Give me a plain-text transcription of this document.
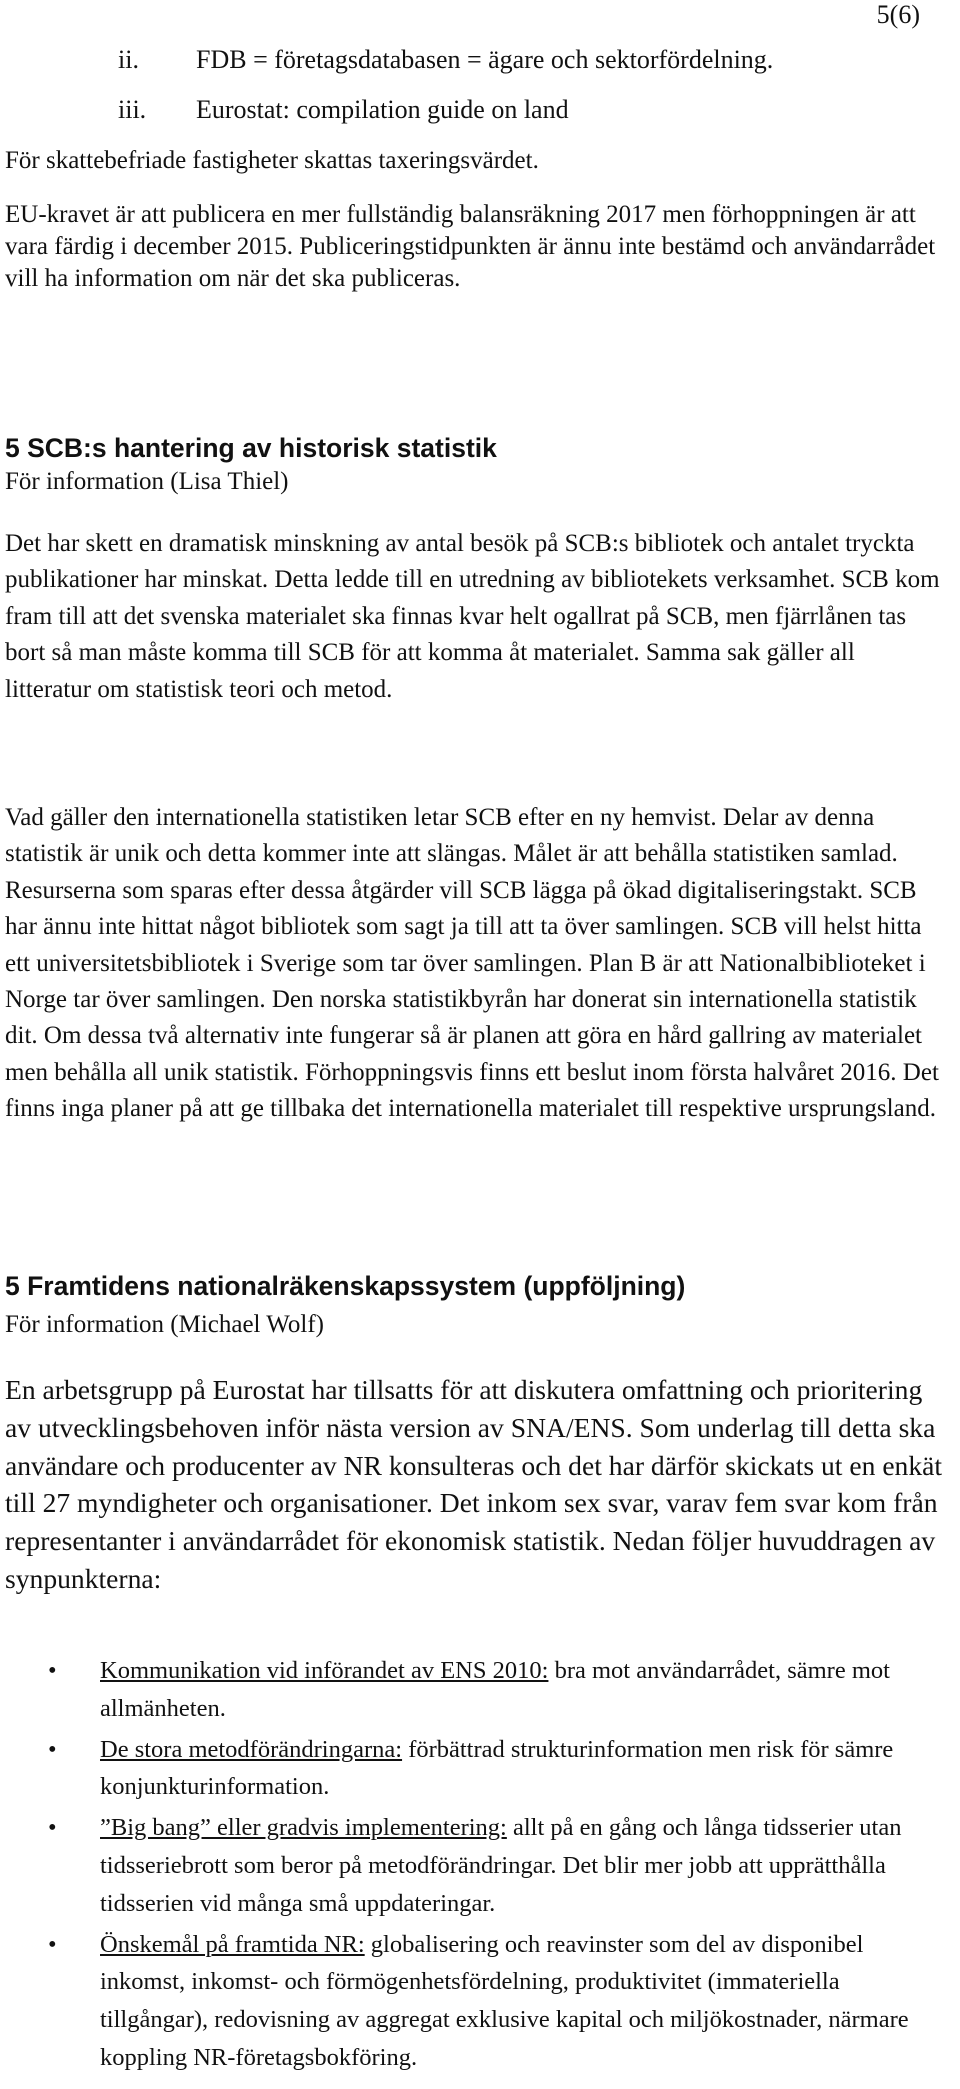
5(6)
ii. FDB = företagsdatabasen = ägare och sektorfördelning.
iii. Eurostat: compilation guide on land

För skattebefriade fastigheter skattas taxeringsvärdet.

EU-kravet är att publicera en mer fullständig balansräkning 2017 men förhoppningen är att vara färdig i december 2015. Publiceringstidpunkten är ännu inte bestämd och användarrådet vill ha information om när det ska publiceras.

5 SCB:s hantering av historisk statistik
För information (Lisa Thiel)

Det har skett en dramatisk minskning av antal besök på SCB:s bibliotek och antalet tryckta publikationer har minskat. Detta ledde till en utredning av bibliotekets verksamhet. SCB kom fram till att det svenska materialet ska finnas kvar helt ogallrat på SCB, men fjärrlånen tas bort så man måste komma till SCB för att komma åt materialet. Samma sak gäller all litteratur om statistisk teori och metod.

Vad gäller den internationella statistiken letar SCB efter en ny hemvist. Delar av denna statistik är unik och detta kommer inte att slängas. Målet är att behålla statistiken samlad. Resurserna som sparas efter dessa åtgärder vill SCB lägga på ökad digitaliseringstakt. SCB har ännu inte hittat något bibliotek som sagt ja till att ta över samlingen. SCB vill helst hitta ett universitetsbibliotek i Sverige som tar över samlingen. Plan B är att Nationalbiblioteket i Norge tar över samlingen. Den norska statistikbyrån har donerat sin internationella statistik dit. Om dessa två alternativ inte fungerar så är planen att göra en hård gallring av materialet men behålla all unik statistik. Förhoppningsvis finns ett beslut inom första halvåret 2016. Det finns inga planer på att ge tillbaka det internationella materialet till respektive ursprungsland.

5 Framtidens nationalräkenskapssystem (uppföljning)
För information (Michael Wolf)

En arbetsgrupp på Eurostat har tillsatts för att diskutera omfattning och prioritering av utvecklingsbehoven inför nästa version av SNA/ENS. Som underlag till detta ska användare och producenter av NR konsulteras och det har därför skickats ut en enkät till 27 myndigheter och organisationer. Det inkom sex svar, varav fem svar kom från representanter i användarrådet för ekonomisk statistik. Nedan följer huvuddragen av synpunkterna:

• Kommunikation vid införandet av ENS 2010: bra mot användarrådet, sämre mot allmänheten.
• De stora metodförändringarna: förbättrad strukturinformation men risk för sämre konjunkturinformation.
• ”Big bang” eller gradvis implementering: allt på en gång och långa tidsserier utan tidsseriebrott som beror på metodförändringar. Det blir mer jobb att upprätthålla tidsserien vid många små uppdateringar.
• Önskemål på framtida NR: globalisering och reavinster som del av disponibel inkomst, inkomst- och förmögenhetsfördelning, produktivitet (immateriella tillgångar), redovisning av aggregat exklusive kapital och miljökostnader, närmare koppling NR-företagsbokföring.
